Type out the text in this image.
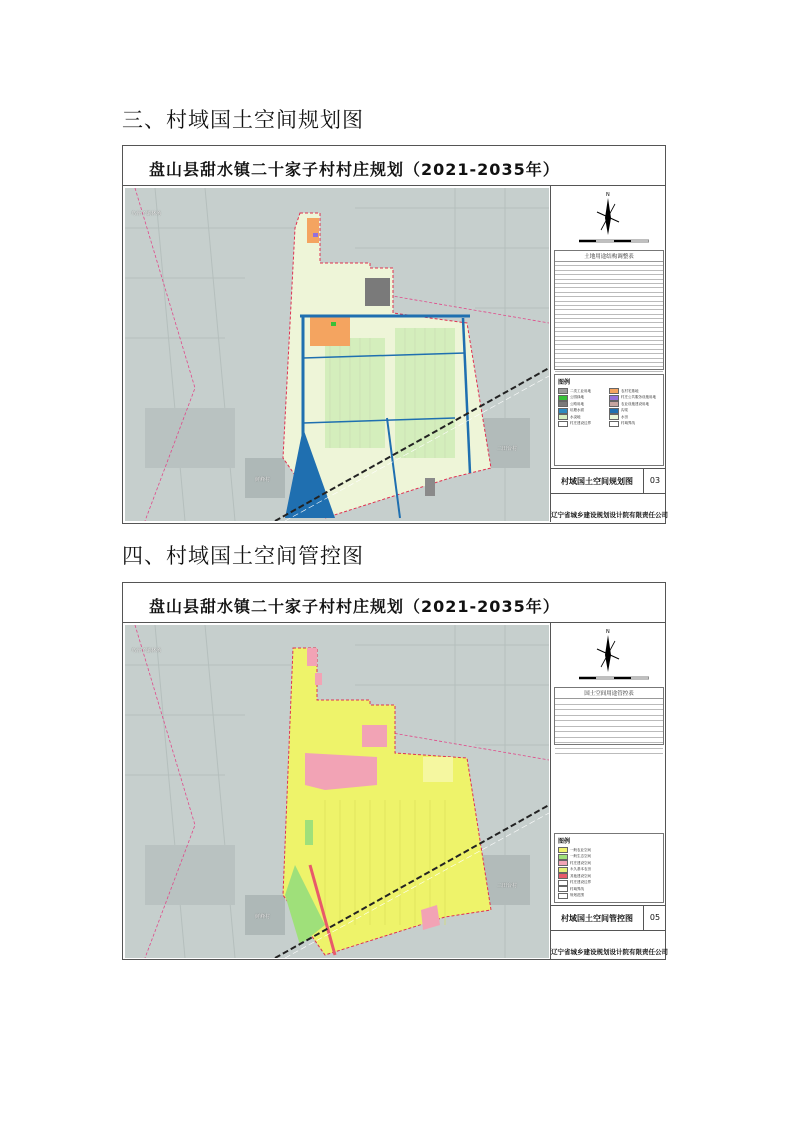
三、村域国土空间规划图
盘山县甜水镇二十家子村村庄规划（2021-2035年）
乌骨子镇林场
二田台村
鲜峰村
N
土地用途结构调整表
图例
二类工业用地	农村宅基地
公园绿地	村庄公共服务设施用地
公路用地	农业设施建设用地
坑塘水面	沟渠
水浇地	水田
村庄建设边界	村域界线
村域国土空间规划图	03
辽宁省城乡建设规划设计院有限责任公司
四、村域国土空间管控图
盘山县甜水镇二十家子村村庄规划（2021-2035年）
乌骨子镇林场
二田台村
鲜峰村
N
国土空间用途管控表
图例
一般农业空间
一般生态空间
村庄建设空间
永久基本农田
其他建设空间
村庄建设边界
村域界线
规划范围
村域国土空间管控图	05
辽宁省城乡建设规划设计院有限责任公司
